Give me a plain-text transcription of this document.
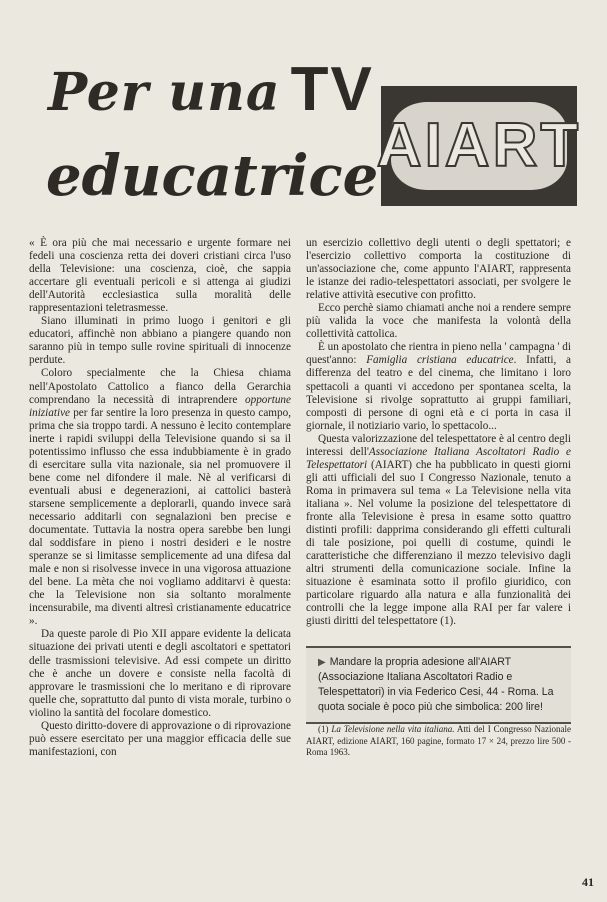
Per una TV
educatrice
AIART

« È ora più che mai necessario e urgente formare nei fedeli una coscienza retta dei doveri cristiani circa l'uso della Televisione: una coscienza, cioè, che sappia accertare gli eventuali pericoli e si attenga ai giudizi dell'Autorità ecclesiastica sulla moralità delle rappresentazioni teletrasmesse.

Siano illuminati in primo luogo i genitori e gli educatori, affinchè non abbiano a piangere quando non saranno più in tempo sulle rovine spirituali di innocenze perdute.

Coloro specialmente che la Chiesa chiama nell'Apostolato Cattolico a fianco della Gerarchia comprendano la necessità di intraprendere opportune iniziative per far sentire la loro presenza in questo campo, prima che sia troppo tardi. A nessuno è lecito contemplare inerte i rapidi sviluppi della Televisione quando si sa il potentissimo influsso che essa indubbiamente è in grado di esercitare sulla vita nazionale, sia nel promuovere il bene come nel difondere il male. Nè al verificarsi di eventuali abusi e degenerazioni, ai cattolici basterà starsene semplicemente a deplorarli, quando invece sarà necessario additarli con segnalazioni ben precise e documentate. Tuttavia la nostra opera sarebbe ben lungi dal soddisfare in pieno i nostri desideri e le nostre speranze se si limitasse semplicemente ad una difesa dal male e non si risolvesse invece in una vigorosa attuazione del bene. La mèta che noi vogliamo additarvi è questa: che la Televisione non sia soltanto moralmente incensurabile, ma diventi altresì cristianamente educatrice ».

Da queste parole di Pio XII appare evidente la delicata situazione dei privati utenti e degli ascoltatori e spettatori delle trasmissioni televisive. Ad essi compete un diritto che è anche un dovere e consiste nella facoltà di approvare le trasmissioni che lo meritano e di riprovare quelle che, soprattutto dal punto di vista morale, turbino o violino la santità del focolare domestico.

Questo diritto-dovere di approvazione o di riprovazione può essere esercitato per una maggior efficacia delle sue manifestazioni, con

un esercizio collettivo degli utenti o degli spettatori; e l'esercizio collettivo comporta la costituzione di un'associazione che, come appunto l'AIART, rappresenta le istanze dei radio-telespettatori associati, per svolgere le relative attività esecutive con profitto.

Ecco perchè siamo chiamati anche noi a rendere sempre più valida la voce che manifesta la volontà della collettività cattolica.

È un apostolato che rientra in pieno nella ' campagna ' di quest'anno: Famiglia cristiana educatrice. Infatti, a differenza del teatro e del cinema, che limitano i loro spettacoli a quanti vi accedono per spontanea scelta, la Televisione si rivolge soprattutto ai gruppi familiari, composti di persone di ogni età e ci porta in casa il giornale, il notiziario vario, lo spettacolo...

Questa valorizzazione del telespettatore è al centro degli interessi dell'Associazione Italiana Ascoltatori Radio e Telespettatori (AIART) che ha pubblicato in questi giorni gli atti ufficiali del suo I Congresso Nazionale, tenuto a Roma in primavera sul tema « La Televisione nella vita italiana ». Nel volume la posizione del telespettatore di fronte alla Televisione è presa in esame sotto quattro distinti profili: dapprima considerando gli effetti culturali di tale posizione, poi quelli di costume, quindi le caratteristiche che differenziano il mezzo televisivo dagli altri strumenti della comunicazione sociale. Infine la situazione è esaminata sotto il profilo giuridico, con particolare riguardo alla natura e alla funzionalità dei controlli che la legge impone alla RAI per far valere i giusti diritti del telespettatore (1).

▶ Mandare la propria adesione all'AIART (Associazione Italiana Ascoltatori Radio e Telespettatori) in via Federico Cesi, 44 - Roma. La quota sociale è poco più che simbolica: 200 lire!

(1) La Televisione nella vita italiana. Atti del I Congresso Nazionale AIART, edizione AIART, 160 pagine, formato 17 × 24, prezzo lire 500 - Roma 1963.

41
